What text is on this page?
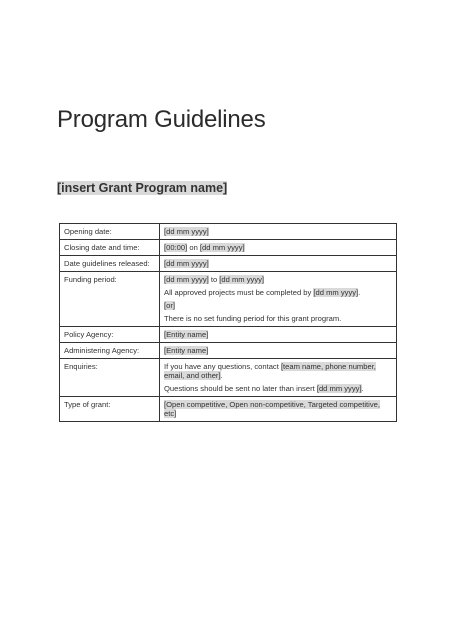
Program Guidelines
[insert Grant Program name]
Opening date:	[dd mm yyyy]
Closing date and time:	[00:00] on [dd mm yyyy]
Date guidelines released:	[dd mm yyyy]
Funding period:	[dd mm yyyy] to [dd mm yyyy]
All approved projects must be completed by [dd mm yyyy].
[or]
There is no set funding period for this grant program.

Policy Agency:	[Entity name]
Administering Agency:	[Entity name]
Enquiries:	If you have any questions, contact [team name, phone number, email, and other].
Questions should be sent no later than insert [dd mm yyyy].

Type of grant:	[Open competitive, Open non-competitive, Targeted competitive, etc]
